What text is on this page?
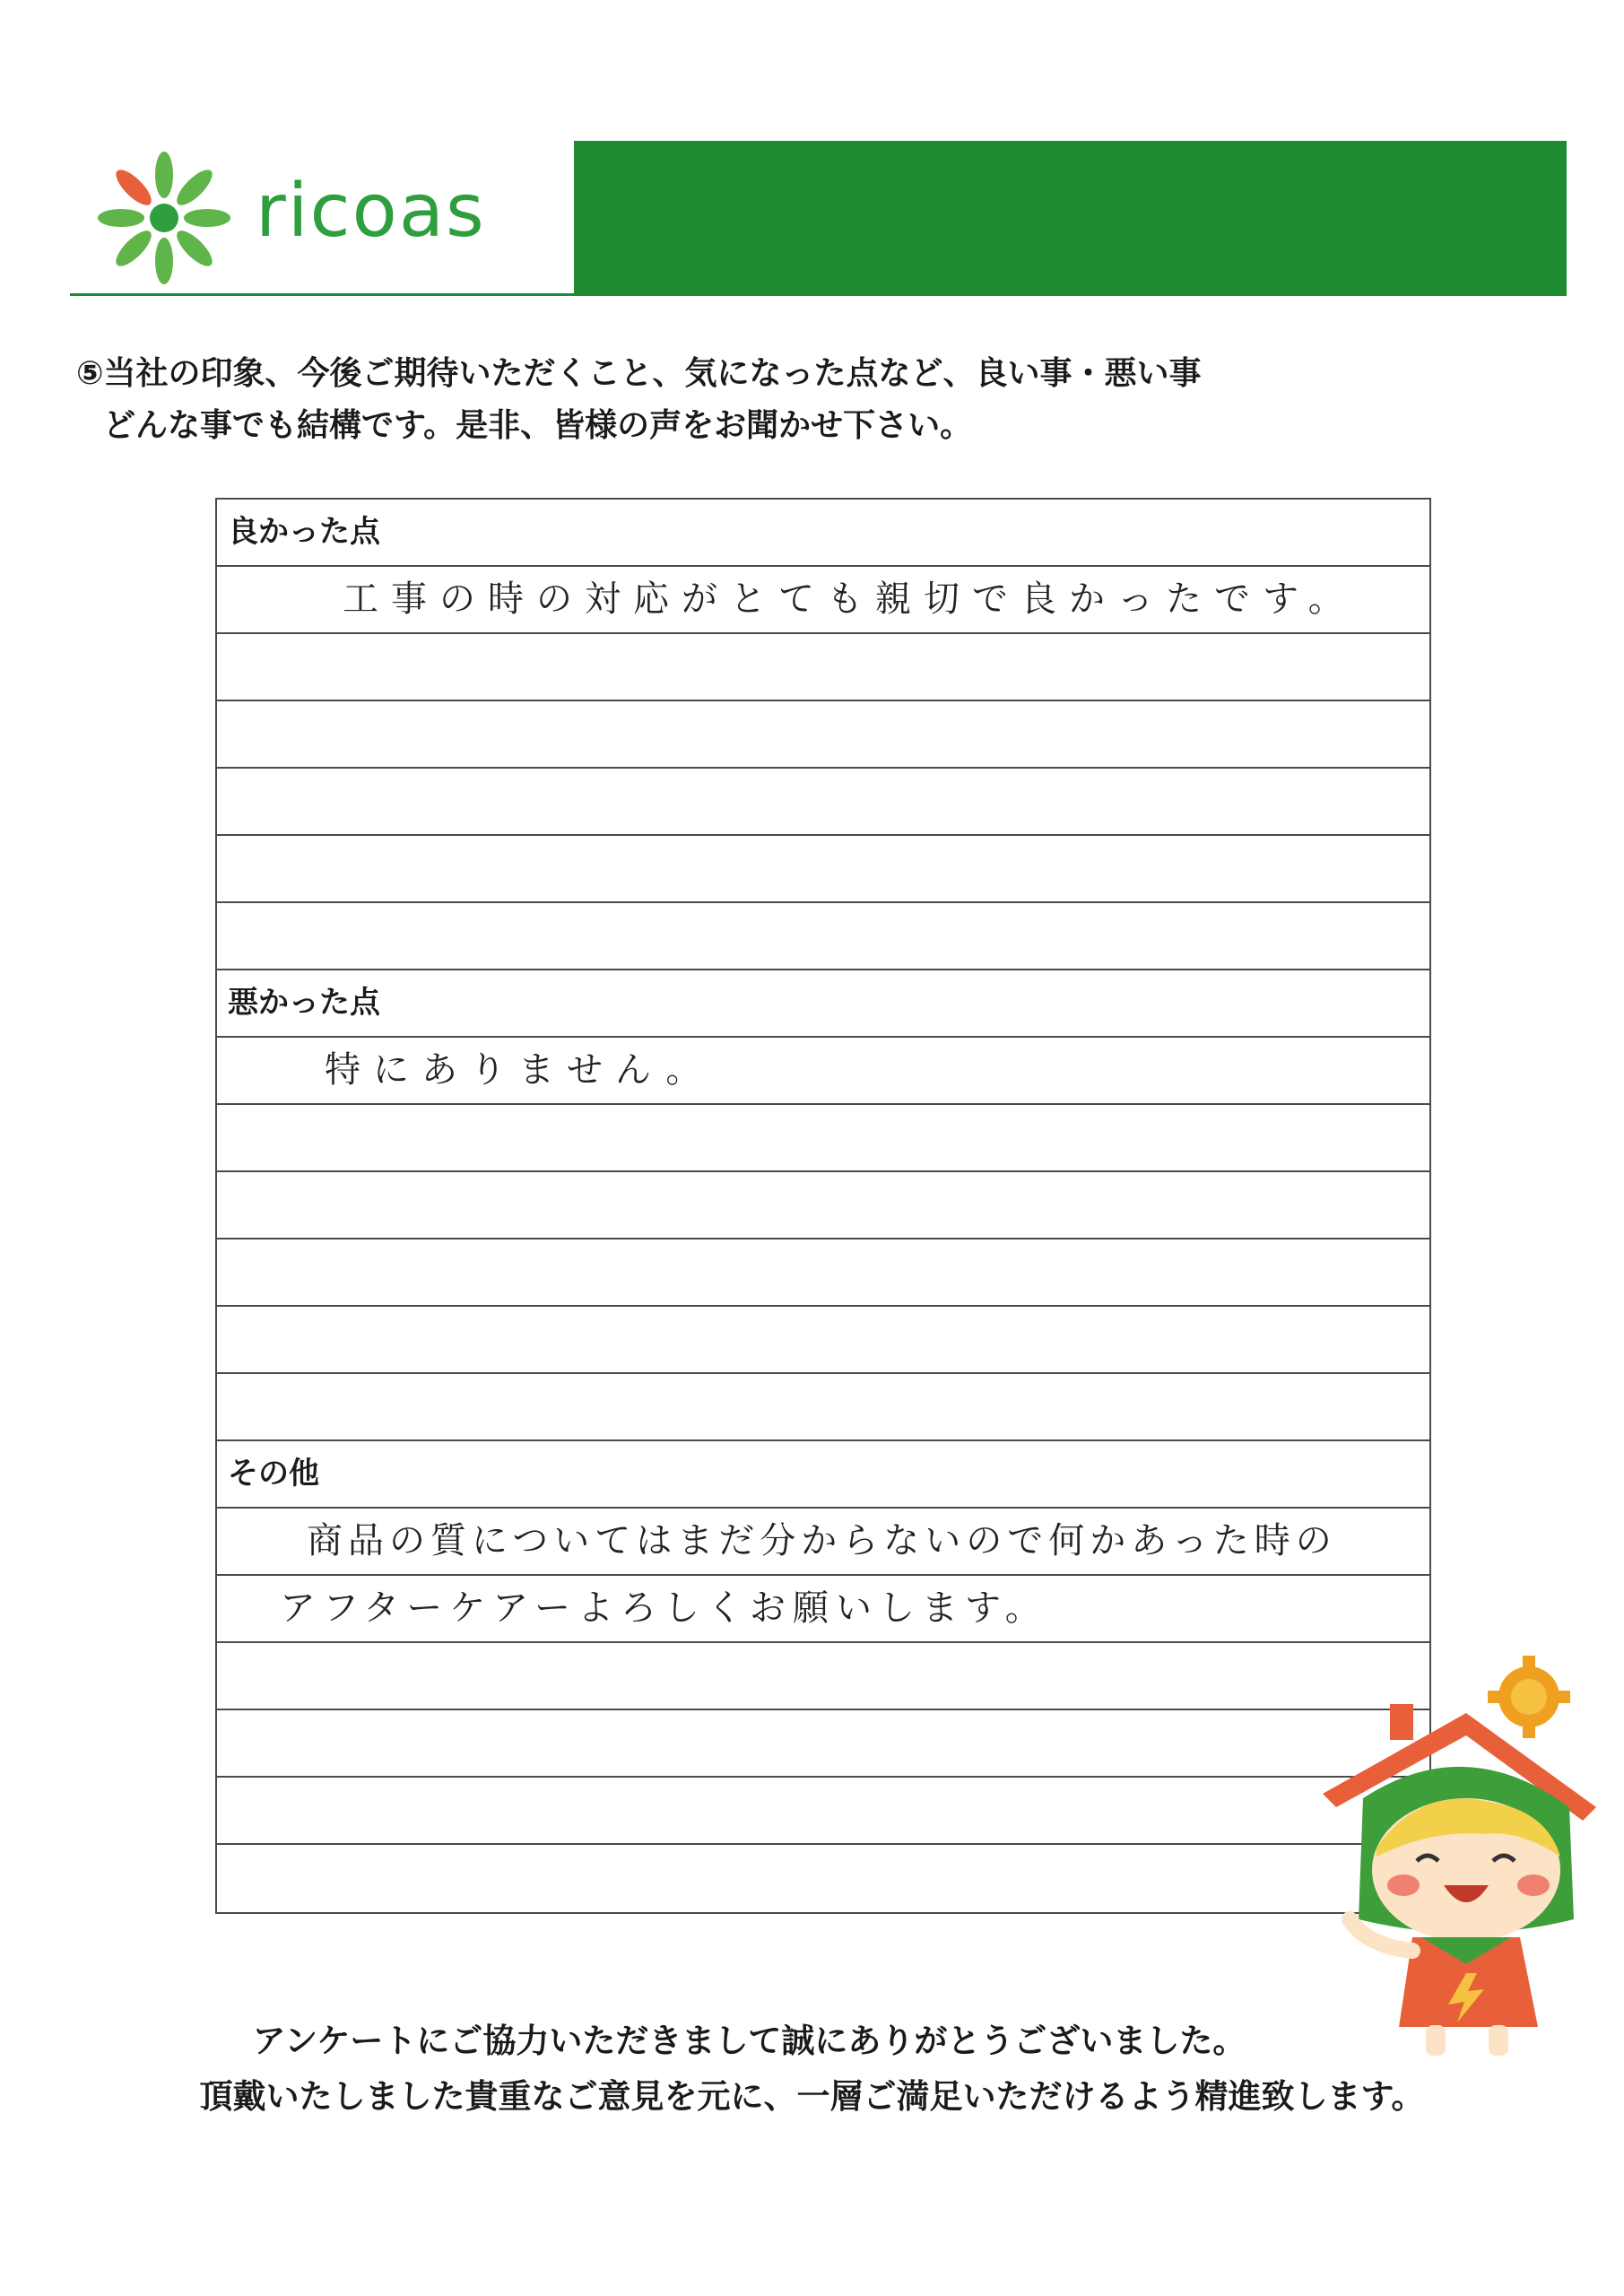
ricoas
⑤当社の印象、今後ご期待いただくこと、気になった点など、良い事・悪い事
どんな事でも結構です。是非、皆様の声をお聞かせ下さい。
良かった点
工事の時の対応がとても親切で良かったです。
悪かった点
特にありません。
その他
商品の質についてはまだ分からないので何かあった時の
アフターケアーよろしくお願いします。
アンケートにご協力いただきまして誠にありがとうございました。
頂戴いたしました貴重なご意見を元に、一層ご満足いただけるよう精進致します。
